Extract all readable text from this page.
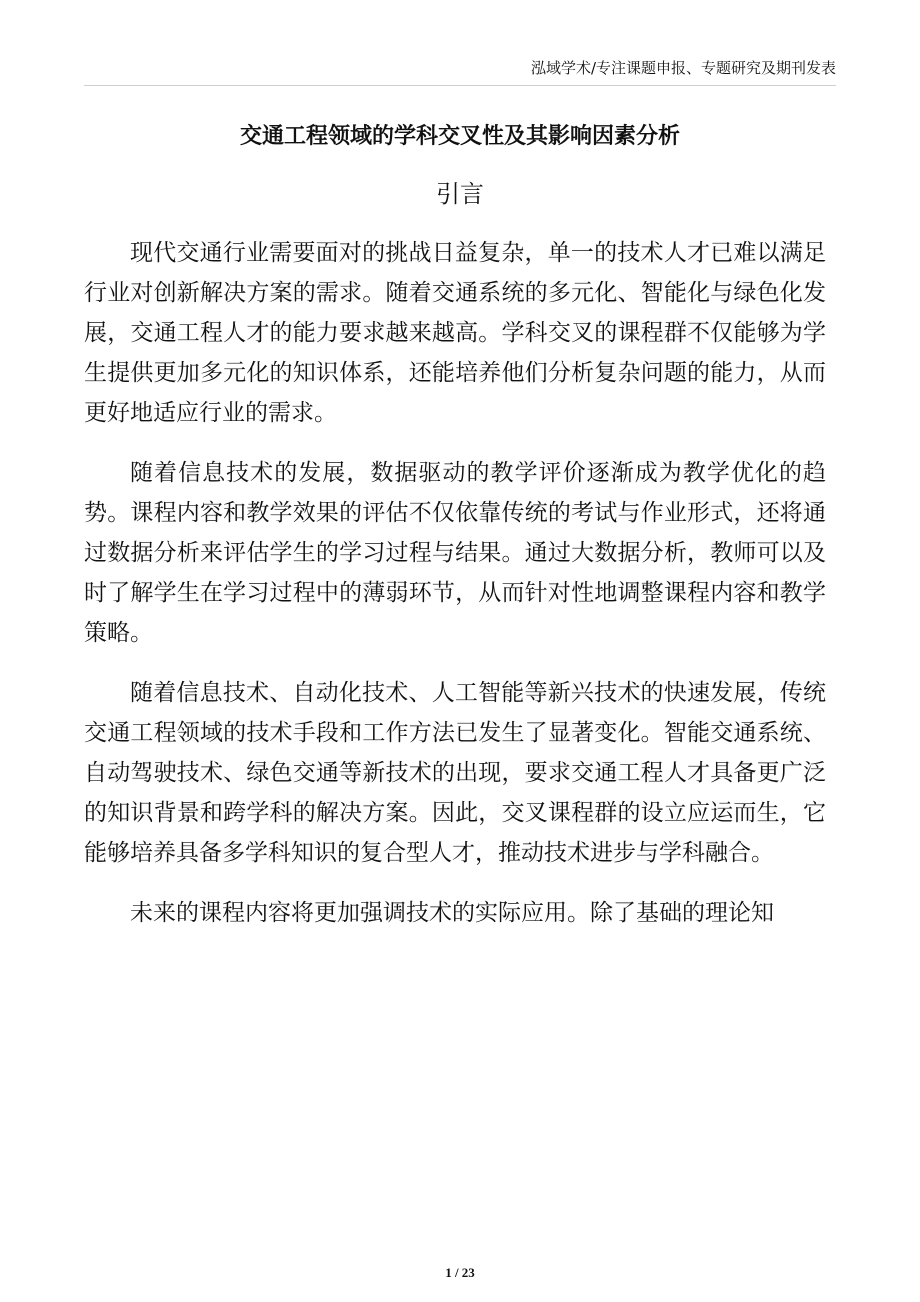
泓域学术/专注课题申报、专题研究及期刊发表
交通工程领域的学科交叉性及其影响因素分析
引言

现代交通行业需要面对的挑战日益复杂，单一的技术人才已难以满足行业对创新解决方案的需求。随着交通系统的多元化、智能化与绿色化发展，交通工程人才的能力要求越来越高。学科交叉的课程群不仅能够为学生提供更加多元化的知识体系，还能培养他们分析复杂问题的能力，从而更好地适应行业的需求。

随着信息技术的发展，数据驱动的教学评价逐渐成为教学优化的趋势。课程内容和教学效果的评估不仅依靠传统的考试与作业形式，还将通过数据分析来评估学生的学习过程与结果。通过大数据分析，教师可以及时了解学生在学习过程中的薄弱环节，从而针对性地调整课程内容和教学策略。

随着信息技术、自动化技术、人工智能等新兴技术的快速发展，传统交通工程领域的技术手段和工作方法已发生了显著变化。智能交通系统、自动驾驶技术、绿色交通等新技术的出现，要求交通工程人才具备更广泛的知识背景和跨学科的解决方案。因此，交叉课程群的设立应运而生，它能够培养具备多学科知识的复合型人才，推动技术进步与学科融合。

未来的课程内容将更加强调技术的实际应用。除了基础的理论知

1 / 23
